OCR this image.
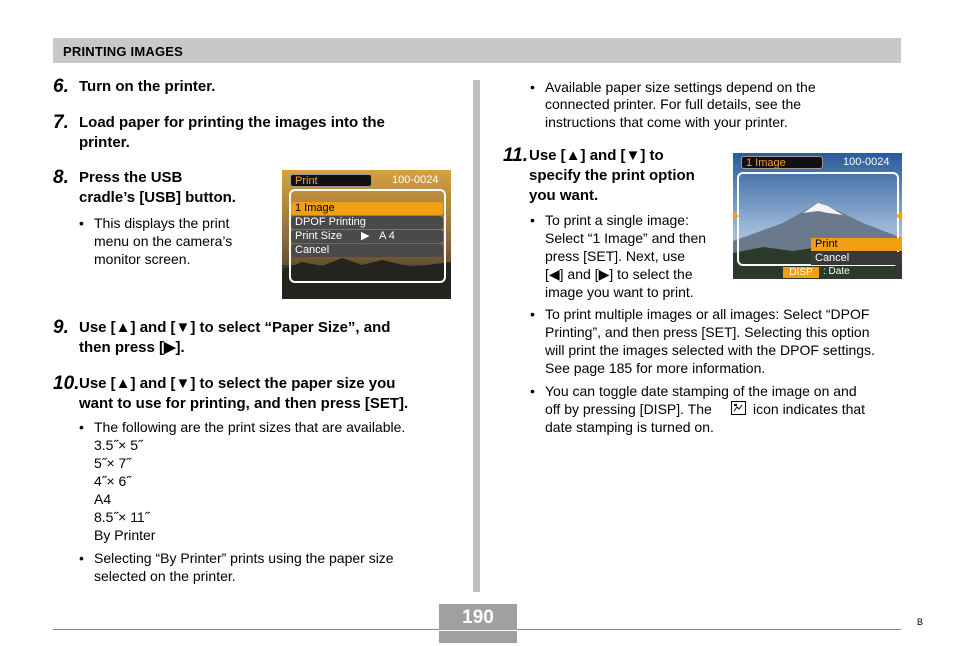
PRINTING IMAGES
6. Turn on the printer.
7. Load paper for printing the images into the
printer.
8. Press the USB
cradle’s [USB] button.
• This displays the print
menu on the camera’s
monitor screen.
Print	100-0024
1 Image
DPOF Printing
Print Size ▶ A 4
Cancel
9. Use [▲] and [▼] to select “Paper Size”, and
then press [▶].
10. Use [▲] and [▼] to select the paper size you
want to use for printing, and then press [SET].
• The following are the print sizes that are available.
3.5˝× 5˝
5˝× 7˝
4˝× 6˝
A4
8.5˝× 11˝
By Printer
• Selecting “By Printer” prints using the paper size
selected on the printer.
• Available paper size settings depend on the
connected printer. For full details, see the
instructions that come with your printer.
11. Use [▲] and [▼] to
specify the print option
you want.
1 Image	100-0024
Print
Cancel
DISP	: Date
• To print a single image:
Select “1 Image” and then
press [SET]. Next, use
[◀] and [▶] to select the
image you want to print.
• To print multiple images or all images: Select “DPOF
Printing”, and then press [SET]. Selecting this option
will print the images selected with the DPOF settings.
See page 185 for more information.
• You can toggle date stamping of the image on and
off by pressing [DISP]. The	icon indicates that
date stamping is turned on.
190	B
